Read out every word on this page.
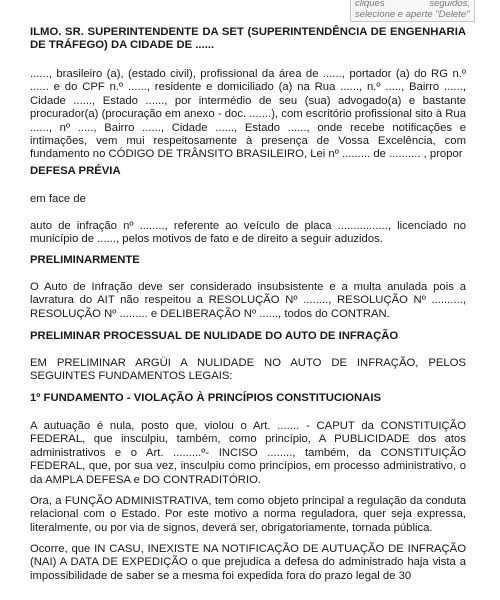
cliques seguidos, selecione e aperte "Delete"
ILMO. SR. SUPERINTENDENTE DA SET (SUPERINTENDÊNCIA DE ENGENHARIA DE TRÁFEGO) DA CIDADE DE ......
......, brasileiro (a), (estado civil), profissional da área de ......, portador (a) do RG n.º ...... e do CPF n.º ......, residente e domiciliado (a) na Rua ......, n.º ....., Bairro ......, Cidade ......, Estado ......, por intermédio de seu (sua) advogado(a) e bastante procurador(a) (procuração em anexo - doc. .......), com escritório profissional sito à Rua ......, nº ....., Bairro ......, Cidade ......, Estado ......, onde recebe notificações e intimações, vem mui respeitosamente à presença de Vossa Excelência, com fundamento no CÓDIGO DE TRÂNSITO BRASILEIRO, Lei nº ......... de .......... , propor
DEFESA PRÉVIA
em face de
auto de infração nº ........, referente ao veículo de placa ................, licenciado no município de ......, pelos motivos de fato e de direito a seguir aduzidos.
PRELIMINARMENTE
O Auto de Infração deve ser considerado insubsistente e a multa anulada pois a lavratura do AIT não respeitou a RESOLUÇÃO Nº ........, RESOLUÇÃO Nº .........., RESOLUÇÃO Nº ......... e DELIBERAÇÃO Nº ......, todos do CONTRAN.
PRELIMINAR PROCESSUAL DE NULIDADE DO AUTO DE INFRAÇÃO
EM PRELIMINAR ARGÜI A NULIDADE NO AUTO DE INFRAÇÃO, PELOS SEGUINTES FUNDAMENTOS LEGAIS:
1º FUNDAMENTO - VIOLAÇÃO À PRINCÍPIOS CONSTITUCIONAIS
A autuação é nula, posto que, violou o Art. ....... - CAPUT da CONSTITUIÇÃO FEDERAL, que insculpiu, também, como princípio, A PUBLICIDADE dos atos administrativos e o Art. .........º- INCISO ........, também, da CONSTITUIÇÃO FEDERAL, que, por sua vez, insculpiu como princípios, em processo administrativo, o da AMPLA DEFESA e DO CONTRADITÓRIO.
Ora, a FUNÇÃO ADMINISTRATIVA, tem como objeto principal a regulação da conduta relacional com o Estado. Por este motivo a norma reguladora, quer seja expressa, literalmente, ou por via de signos, deverá ser, obrigatoriamente, tornada pública.
Ocorre, que IN CASU, INEXISTE NA NOTIFICAÇÃO DE AUTUAÇÃO DE INFRAÇÃO (NAI) A DATA DE EXPEDIÇÃO o que prejudica a defesa do administrado haja vista a impossibilidade de saber se a mesma foi expedida fora do prazo legal de 30
